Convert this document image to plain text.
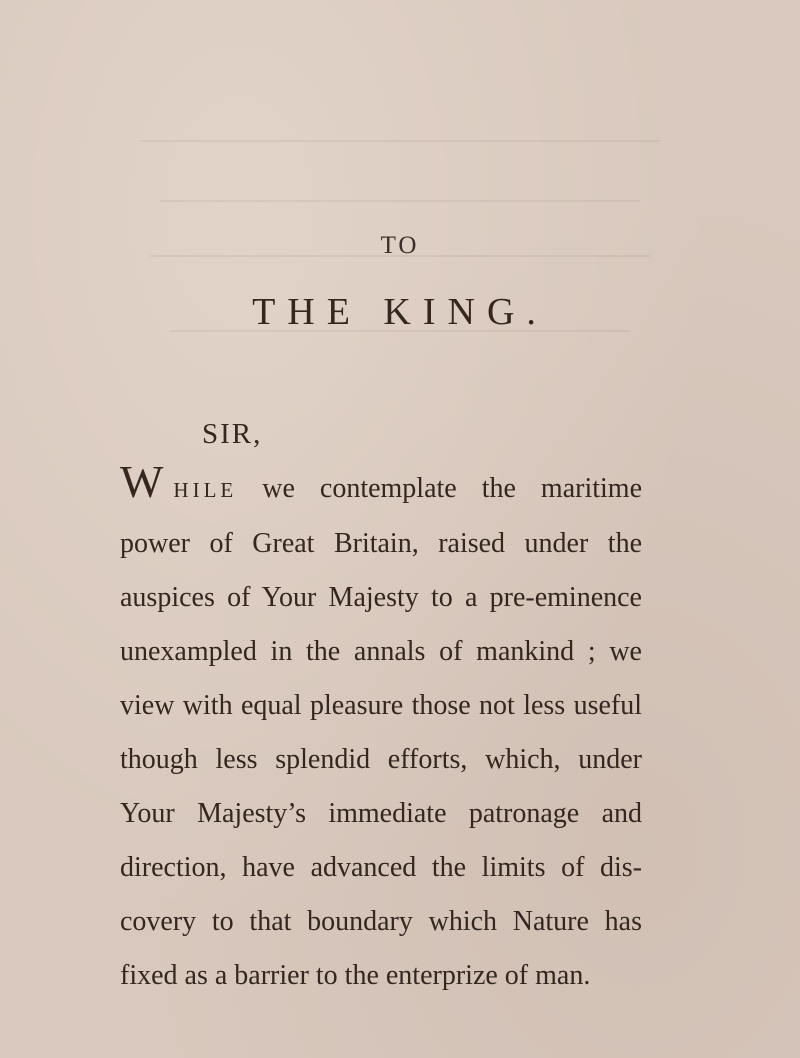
TO
THE KING.
SIR,
WHILE we contemplate the maritime
power of Great Britain, raised under the
auspices of Your Majesty to a pre-eminence
unexampled in the annals of mankind ; we
view with equal pleasure those not less useful
though less splendid efforts, which, under
Your Majesty’s immediate patronage and
direction, have advanced the limits of dis-
covery to that boundary which Nature has
fixed as a barrier to the enterprize of man.
